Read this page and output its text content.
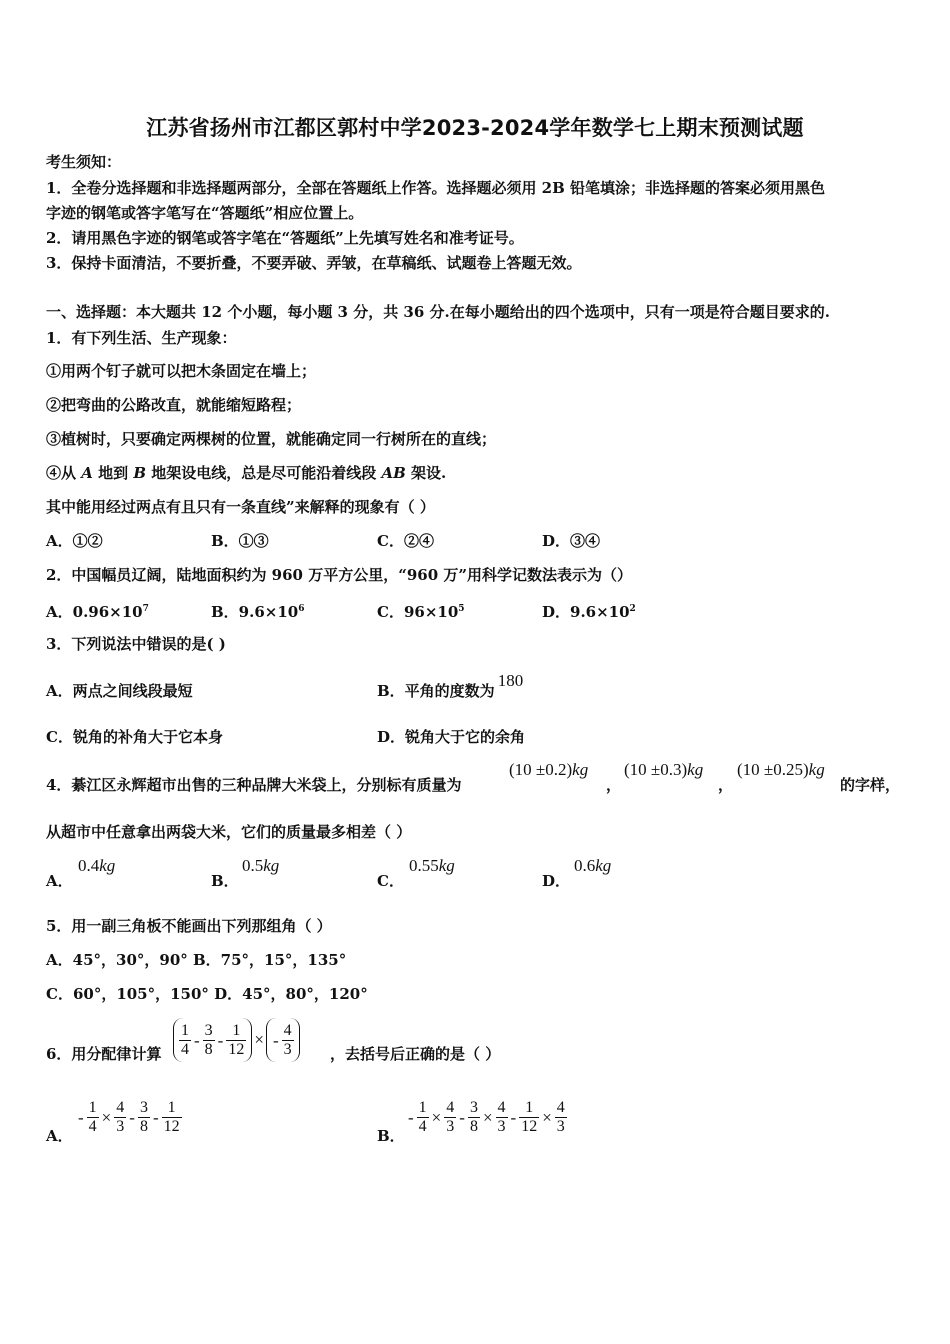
江苏省扬州市江都区郭村中学2023-2024学年数学七上期末预测试题
考生须知：
1．全卷分选择题和非选择题两部分，全部在答题纸上作答。选择题必须用 2B 铅笔填涂；非选择题的答案必须用黑色
字迹的钢笔或答字笔写在“答题纸”相应位置上。
2．请用黑色字迹的钢笔或答字笔在“答题纸”上先填写姓名和准考证号。
3．保持卡面清洁，不要折叠，不要弄破、弄皱，在草稿纸、试题卷上答题无效。
一、选择题：本大题共 12 个小题，每小题 3 分，共 36 分.在每小题给出的四个选项中，只有一项是符合题目要求的.
1．有下列生活、生产现象：
①用两个钉子就可以把木条固定在墙上；
②把弯曲的公路改直，就能缩短路程；
③植树时，只要确定两棵树的位置，就能确定同一行树所在的直线；
④从 A 地到 B 地架设电线，总是尽可能沿着线段 AB 架设.
其中能用经过两点有且只有一条直线”来解释的现象有（ ）
A．①②	B．①③	C．②④	D．③④
2．中国幅员辽阔，陆地面积约为 960 万平方公里，“960 万”用科学记数法表示为（）
A．$0.96\times 10^7$	B．$9.6\times 10^6$	C．$96\times 10^5$	D．$9.6\times 10^2$
3．下列说法中错误的是( )
A．两点之间线段最短	B．平角的度数为180
C．锐角的补角大于它本身	D．锐角大于它的余角
4．綦江区永辉超市出售的三种品牌大米袋上，分别标有质量为
(10 ±0.2)kg
，
(10 ±0.3)kg
，
(10 ±0.25)kg
的字样，
从超市中任意拿出两袋大米，它们的质量最多相差（ ）
A．
0.4kg
B．
0.5kg
C．
0.55kg
D．
0.6kg
5．用一副三角板不能画出下列那组角（ ）
A．45°，30°，90° B．75°，15°，135°
C．60°，105°，150° D．45°，80°，120°
6．用分配律计算 $\frac{1}{4} - \frac{3}{8} - \frac{1}{12}$ × - $\frac{4}{3}$ ，去括号后正确的是（ ）
A．
- $\frac{1}{4} \times \frac{4}{3} - \frac{3}{8} - \frac{1}{12}$	B．
- $\frac{1}{4} \times \frac{4}{3} - \frac{3}{8} \times \frac{4}{3} - \frac{1}{12} \times \frac{4}{3}$
